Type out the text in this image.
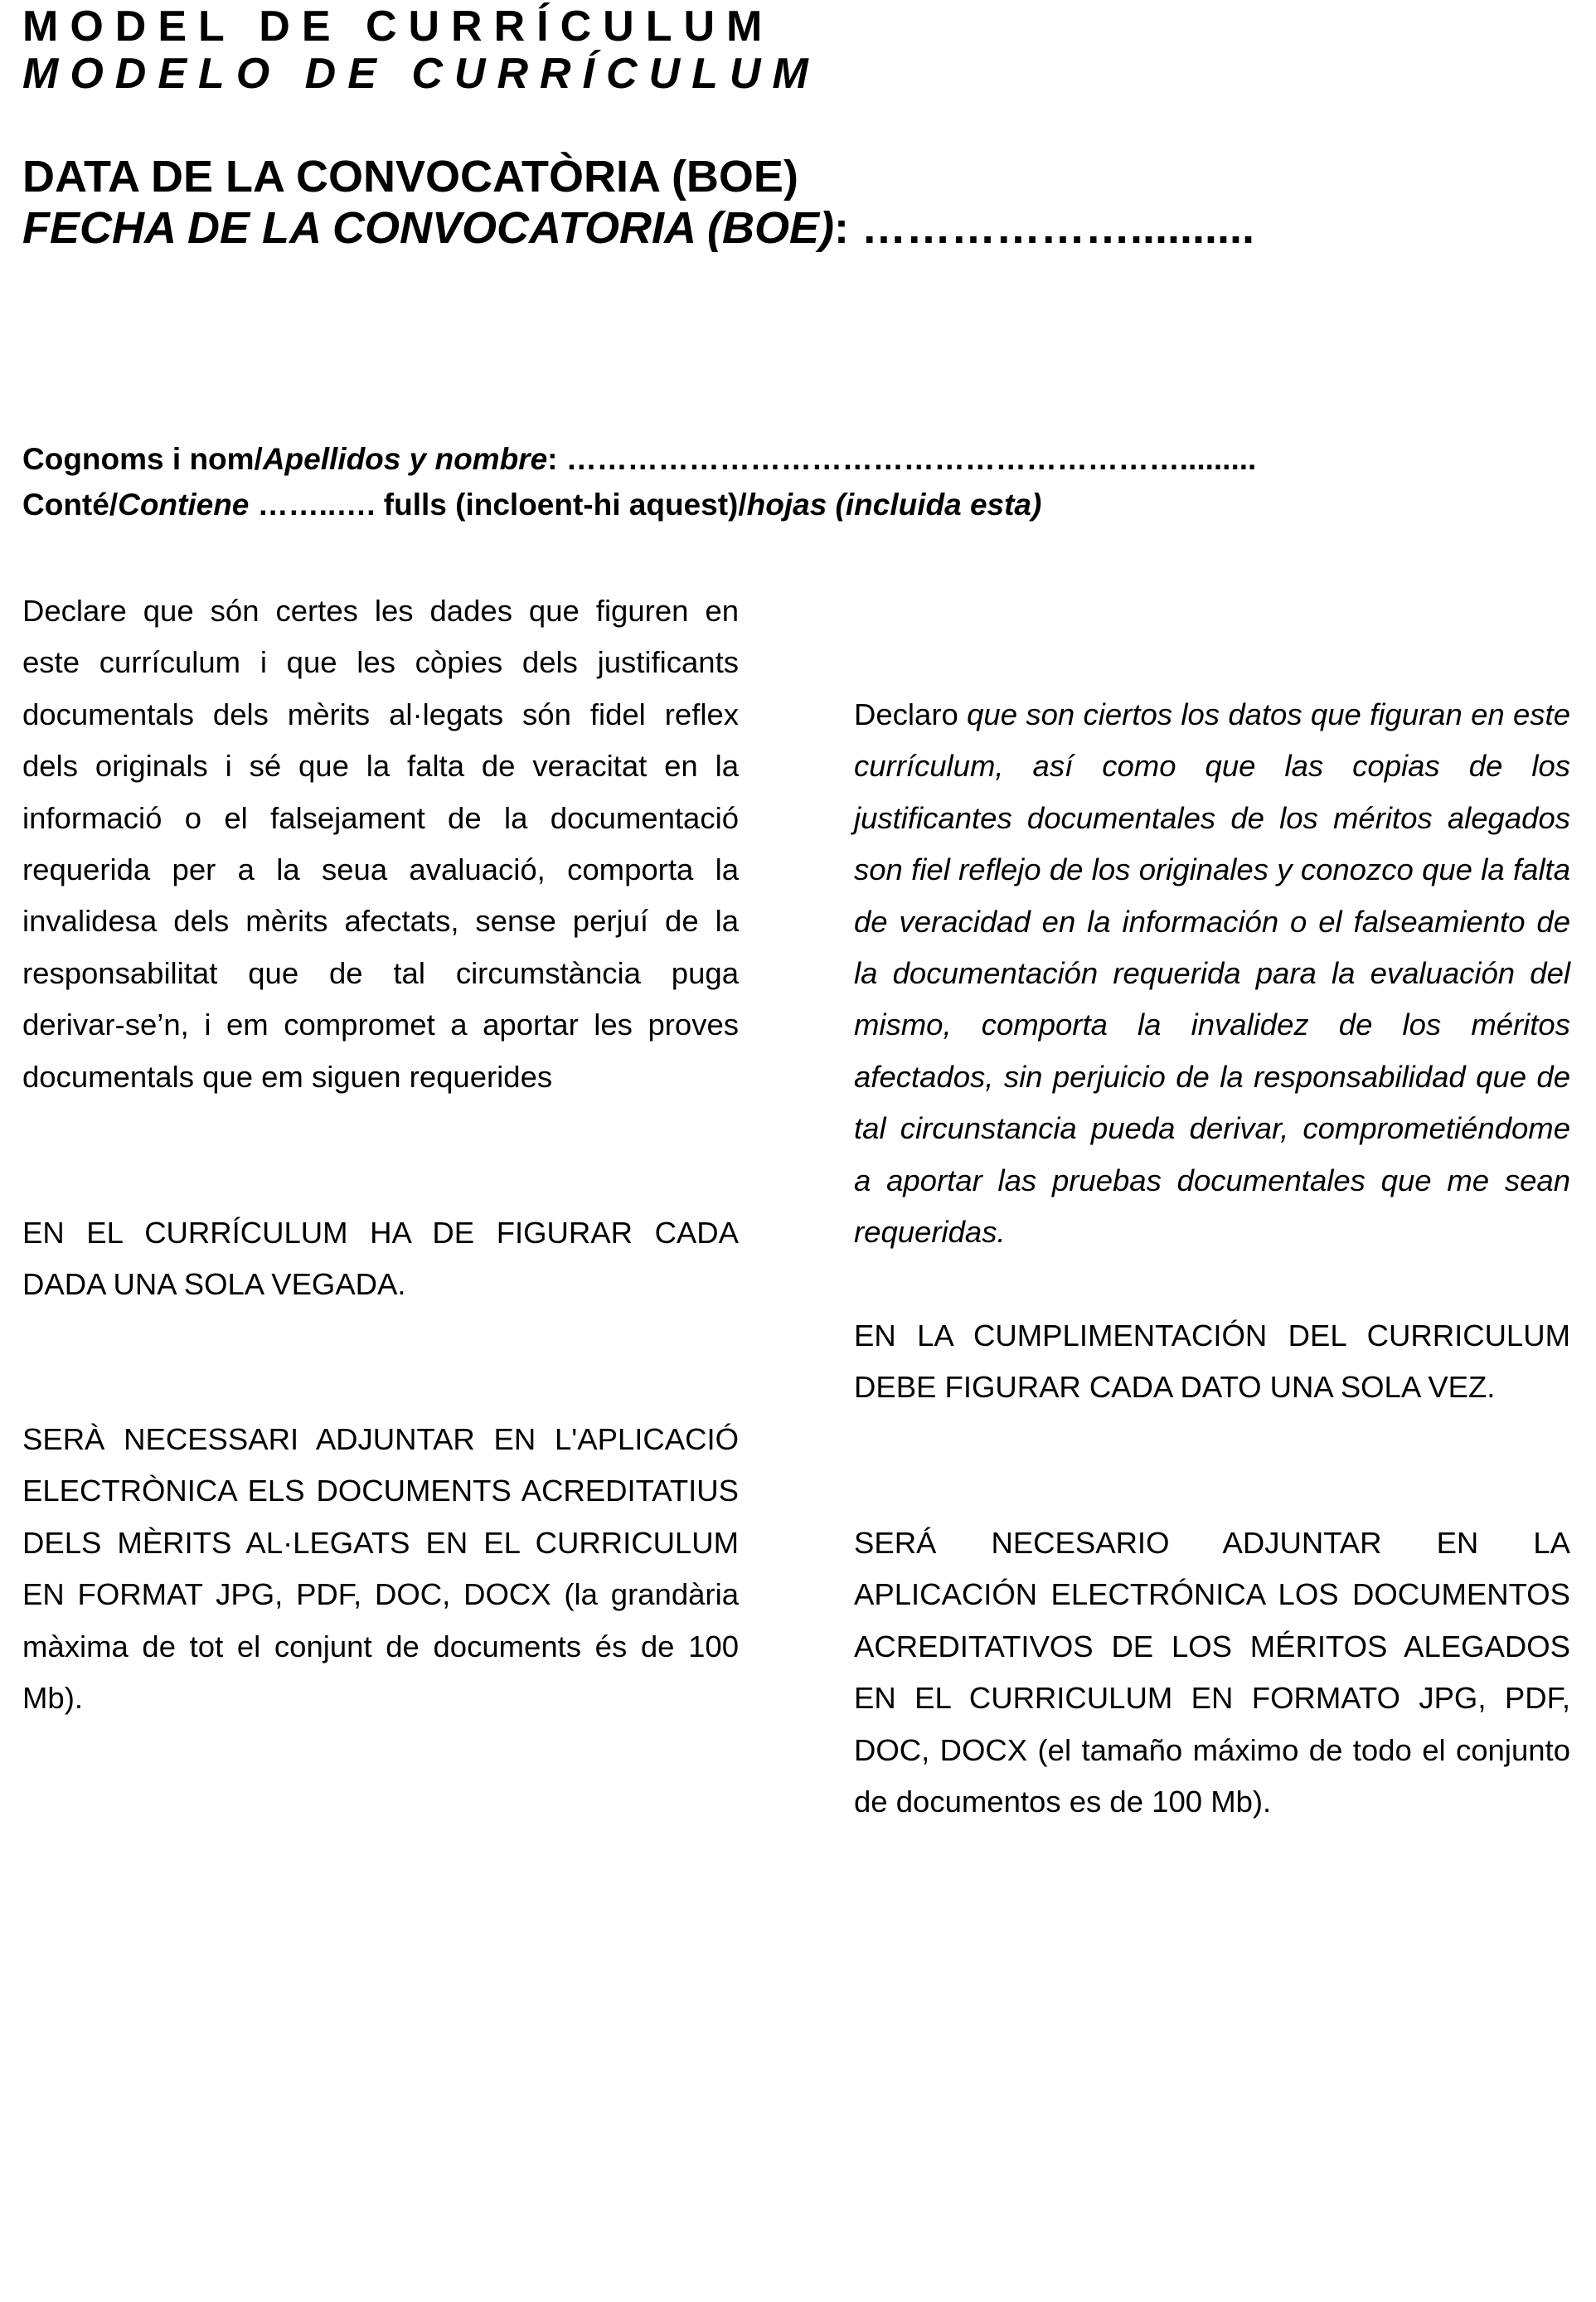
MODEL DE CURRÍCULUM
MODELO DE CURRÍCULUM
DATA DE LA CONVOCATÒRIA (BOE)
FECHA DE LA CONVOCATORIA (BOE): ………………..........
Cognoms i nom/Apellidos y nombre: …………………………………………………….........
Conté/Contiene ……..…. fulls (incloent-hi aquest)/hojas (incluida esta)
Declare que són certes les dades que figuren en este currículum i que les còpies dels justificants documentals dels mèrits al·legats són fidel reflex dels originals i sé que la falta de veracitat en la informació o el falsejament de la documentació requerida per a la seua avaluació, comporta la invalidesa dels mèrits afectats, sense perjuí de la responsabilitat que de tal circumstància puga derivar-se’n, i em compromet a aportar les proves documentals que em siguen requerides
EN EL CURRÍCULUM HA DE FIGURAR CADA DADA UNA SOLA VEGADA.
SERÀ NECESSARI ADJUNTAR EN L'APLICACIÓ ELECTRÒNICA ELS DOCUMENTS ACREDITATIUS DELS MÈRITS AL·LEGATS EN EL CURRICULUM EN FORMAT JPG, PDF, DOC, DOCX (la grandària màxima de tot el conjunt de documents és de 100 Mb).
Declaro que son ciertos los datos que figuran en este currículum, así como que las copias de los justificantes documentales de los méritos alegados son fiel reflejo de los originales y conozco que la falta de veracidad en la información o el falseamiento de la documentación requerida para la evaluación del mismo, comporta la invalidez de los méritos afectados, sin perjuicio de la responsabilidad que de tal circunstancia pueda derivar, comprometiéndome a aportar las pruebas documentales que me sean requeridas.
EN LA CUMPLIMENTACIÓN DEL CURRICULUM DEBE FIGURAR CADA DATO UNA SOLA VEZ.
SERÁ NECESARIO ADJUNTAR EN LA APLICACIÓN ELECTRÓNICA LOS DOCUMENTOS ACREDITATIVOS DE LOS MÉRITOS ALEGADOS EN EL CURRICULUM EN FORMATO JPG, PDF, DOC, DOCX (el tamaño máximo de todo el conjunto de documentos es de 100 Mb).
